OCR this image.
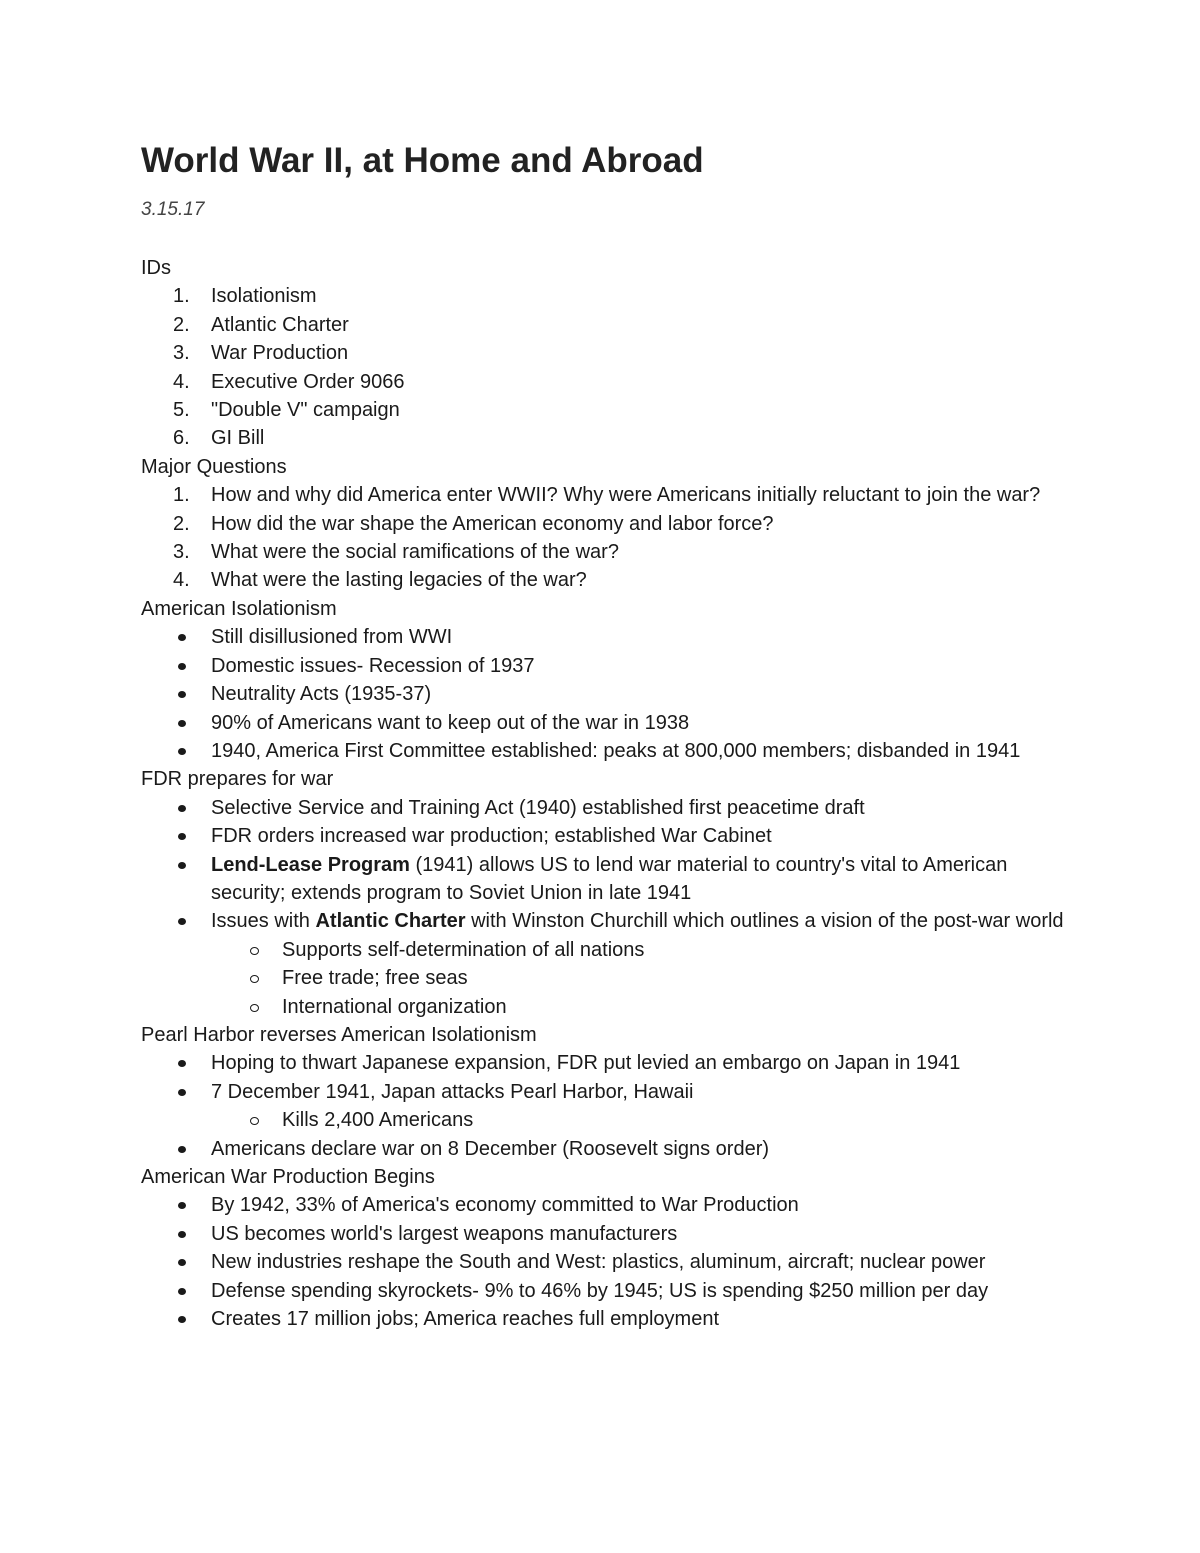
World War II, at Home and Abroad
3.15.17
IDs
1.	Isolationism
2.	Atlantic Charter
3.	War Production
4.	Executive Order 9066
5.	"Double V" campaign
6.	GI Bill
Major Questions
1.	How and why did America enter WWII? Why were Americans initially reluctant to join the war?
2.	How did the war shape the American economy and labor force?
3.	What were the social ramifications of the war?
4.	What were the lasting legacies of the war?
American Isolationism
Still disillusioned from WWI
Domestic issues- Recession of 1937
Neutrality Acts (1935-37)
90% of Americans want to keep out of the war in 1938
1940, America First Committee established: peaks at 800,000 members; disbanded in 1941
FDR prepares for war
Selective Service and Training Act (1940) established first peacetime draft
FDR orders increased war production; established War Cabinet
Lend-Lease Program (1941) allows US to lend war material to country's vital to American security; extends program to Soviet Union in late 1941
Issues with Atlantic Charter with Winston Churchill which outlines a vision of the post-war world
Supports self-determination of all nations
Free trade; free seas
International organization
Pearl Harbor reverses American Isolationism
Hoping to thwart Japanese expansion, FDR put levied an embargo on Japan in 1941
7 December 1941, Japan attacks Pearl Harbor, Hawaii
Kills 2,400 Americans
Americans declare war on 8 December (Roosevelt signs order)
American War Production Begins
By 1942, 33% of America's economy committed to War Production
US becomes world's largest weapons manufacturers
New industries reshape the South and West: plastics, aluminum, aircraft; nuclear power
Defense spending skyrockets- 9% to 46% by 1945; US is spending $250 million per day
Creates 17 million jobs; America reaches full employment
